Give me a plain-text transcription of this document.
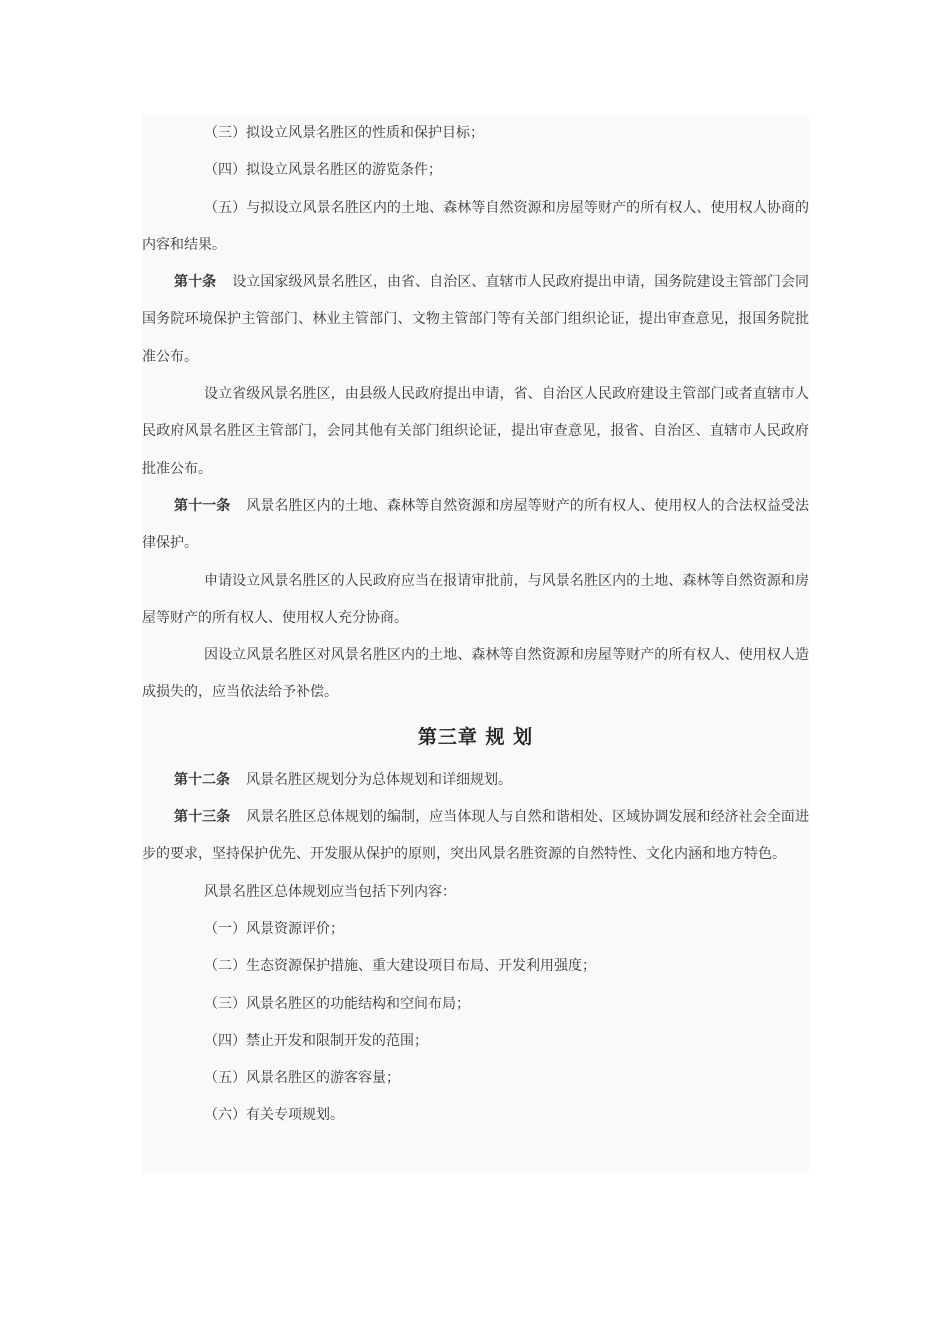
（三）拟设立风景名胜区的性质和保护目标；

（四）拟设立风景名胜区的游览条件；

（五）与拟设立风景名胜区内的土地、森林等自然资源和房屋等财产的所有权人、使用权人协商的内容和结果。

第十条 设立国家级风景名胜区，由省、自治区、直辖市人民政府提出申请，国务院建设主管部门会同国务院环境保护主管部门、林业主管部门、文物主管部门等有关部门组织论证，提出审查意见，报国务院批准公布。

设立省级风景名胜区，由县级人民政府提出申请，省、自治区人民政府建设主管部门或者直辖市人民政府风景名胜区主管部门，会同其他有关部门组织论证，提出审查意见，报省、自治区、直辖市人民政府批准公布。

第十一条 风景名胜区内的土地、森林等自然资源和房屋等财产的所有权人、使用权人的合法权益受法律保护。

申请设立风景名胜区的人民政府应当在报请审批前，与风景名胜区内的土地、森林等自然资源和房屋等财产的所有权人、使用权人充分协商。

因设立风景名胜区对风景名胜区内的土地、森林等自然资源和房屋等财产的所有权人、使用权人造成损失的，应当依法给予补偿。

第三章 规 划

第十二条 风景名胜区规划分为总体规划和详细规划。

第十三条 风景名胜区总体规划的编制，应当体现人与自然和谐相处、区域协调发展和经济社会全面进步的要求，坚持保护优先、开发服从保护的原则，突出风景名胜资源的自然特性、文化内涵和地方特色。

风景名胜区总体规划应当包括下列内容：

（一）风景资源评价；

（二）生态资源保护措施、重大建设项目布局、开发利用强度；

（三）风景名胜区的功能结构和空间布局；

（四）禁止开发和限制开发的范围；

（五）风景名胜区的游客容量；

（六）有关专项规划。
